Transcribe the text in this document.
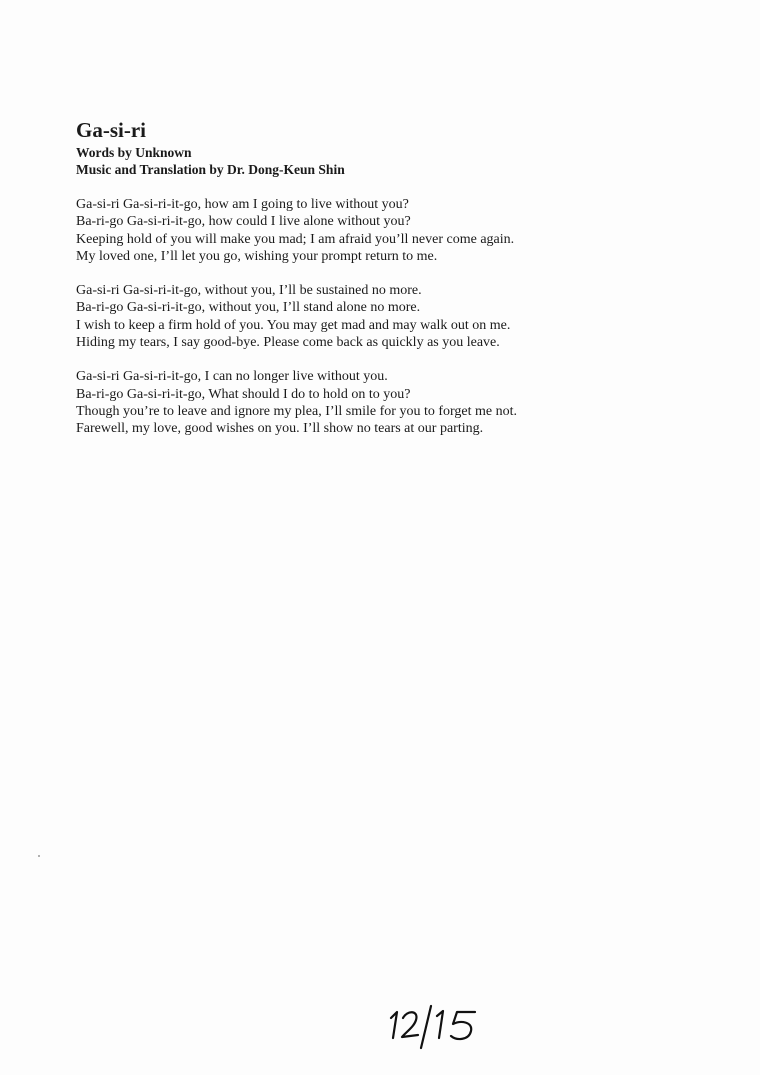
Ga-si-ri
Words by Unknown
Music and Translation by Dr. Dong-Keun Shin
Ga-si-ri Ga-si-ri-it-go, how am I going to live without you?
Ba-ri-go Ga-si-ri-it-go, how could I live alone without you?
Keeping hold of you will make you mad; I am afraid you’ll never come again.
My loved one, I’ll let you go, wishing your prompt return to me.
Ga-si-ri Ga-si-ri-it-go, without you, I’ll be sustained no more.
Ba-ri-go Ga-si-ri-it-go, without you, I’ll stand alone no more.
I wish to keep a firm hold of you. You may get mad and may walk out on me.
Hiding my tears, I say good-bye. Please come back as quickly as you leave.
Ga-si-ri Ga-si-ri-it-go, I can no longer live without you.
Ba-ri-go Ga-si-ri-it-go, What should I do to hold on to you?
Though you’re to leave and ignore my plea, I’ll smile for you to forget me not.
Farewell, my love, good wishes on you. I’ll show no tears at our parting.
